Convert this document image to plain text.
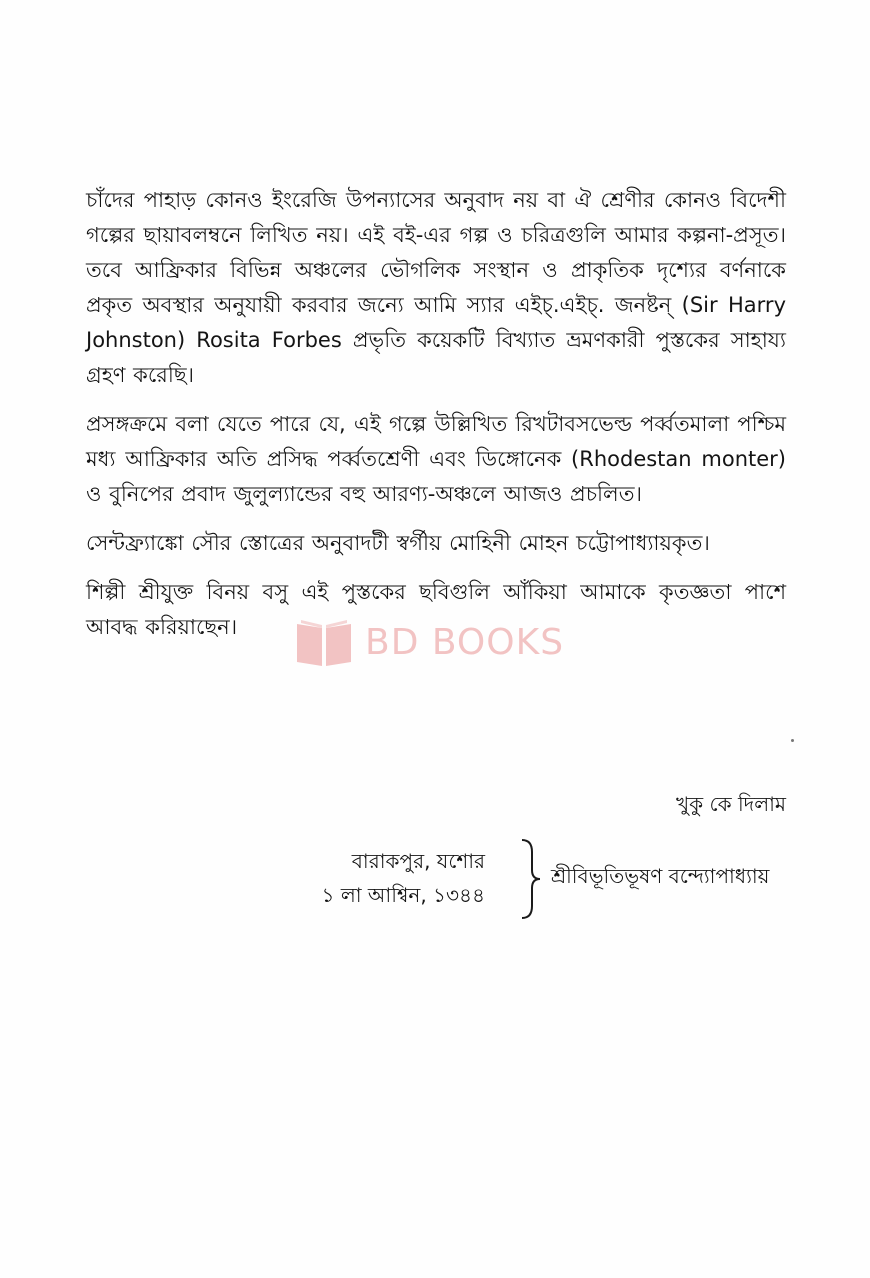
চাঁদের পাহাড় কোনও ইংরেজি উপন্যাসের অনুবাদ নয় বা ঐ শ্রেণীর কোনও বিদেশী গল্পের ছায়াবলম্বনে লিখিত নয়। এই বই-এর গল্প ও চরিত্রগুলি আমার কল্পনা-প্রসূত। তবে আফ্রিকার বিভিন্ন অঞ্চলের ভৌগলিক সংস্থান ও প্রাকৃতিক দৃশ্যের বর্ণনাকে প্রকৃত অবস্থার অনুযায়ী করবার জন্যে আমি স্যার এইচ্.এইচ্. জনষ্টন্ (Sir Harry Johnston) Rosita Forbes প্রভৃতি কয়েকটি বিখ্যাত ভ্রমণকারী পুস্তকের সাহায্য গ্রহণ করেছি।

প্রসঙ্গক্রমে বলা যেতে পারে যে, এই গল্পে উল্লিখিত রিখটাবসভেল্ড পর্ব্বতমালা পশ্চিম মধ্য আফ্রিকার অতি প্রসিদ্ধ পর্ব্বতশ্রেণী এবং ডিঙ্গোনেক (Rhodestan monter) ও বুনিপের প্রবাদ জুলুল্যান্ডের বহু আরণ্য-অঞ্চলে আজও প্রচলিত।

সেন্টফ্র্যাঙ্কো সৌর স্তোত্রের অনুবাদটী স্বর্গীয় মোহিনী মোহন চট্টোপাধ্যায়কৃত।

শিল্পী শ্রীযুক্ত বিনয় বসু এই পুস্তকের ছবিগুলি আঁকিয়া আমাকে কৃতজ্ঞতা পাশে আবদ্ধ করিয়াছেন।	BD BOOKS
খুকু কে দিলাম
বারাকপুর, যশোর
১ লা আশ্বিন, ১৩৪৪
শ্রীবিভূতিভূষণ বন্দ্যোপাধ্যায়
